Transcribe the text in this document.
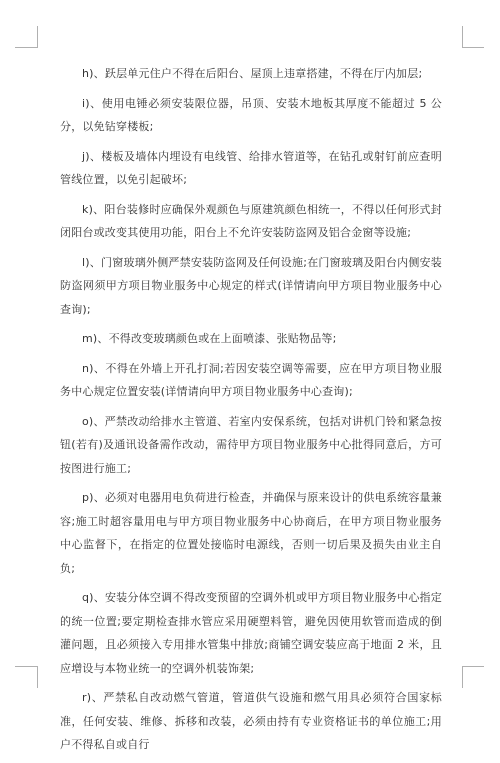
h)、跃层单元住户不得在后阳台、屋顶上违章搭建，不得在厅内加层;

i)、使用电锤必须安装限位器，吊顶、安装木地板其厚度不能超过 5 公分，以免钻穿楼板;

j)、楼板及墙体内埋设有电线管、给排水管道等，在钻孔或射钉前应查明管线位置，以免引起破坏;

k)、阳台装修时应确保外观颜色与原建筑颜色相统一，不得以任何形式封闭阳台或改变其使用功能，阳台上不允许安装防盗网及铝合金窗等设施;

l)、门窗玻璃外侧严禁安装防盗网及任何设施;在门窗玻璃及阳台内侧安装防盗网须甲方项目物业服务中心规定的样式(详情请向甲方项目物业服务中心查询);

m)、不得改变玻璃颜色或在上面喷漆、张贴物品等;

n)、不得在外墙上开孔打洞;若因安装空调等需要，应在甲方项目物业服务中心规定位置安装(详情请向甲方项目物业服务中心查询);

o)、严禁改动给排水主管道、若室内安保系统，包括对讲机门铃和紧急按钮(若有)及通讯设备需作改动，需待甲方项目物业服务中心批得同意后，方可按图进行施工;

p)、必须对电器用电负荷进行检查，并确保与原来设计的供电系统容量兼容;施工时超容量用电与甲方项目物业服务中心协商后，在甲方项目物业服务中心监督下，在指定的位置处接临时电源线，否则一切后果及损失由业主自负;

q)、安装分体空调不得改变预留的空调外机或甲方项目物业服务中心指定的统一位置;要定期检查排水管应采用硬塑料管，避免因使用软管而造成的倒灌问题，且必须接入专用排水管集中排放;商铺空调安装应高于地面 2 米，且应增设与本物业统一的空调外机装饰架;

r)、严禁私自改动燃气管道，管道供气设施和燃气用具必须符合国家标准，任何安装、维修、拆移和改装，必须由持有专业资格证书的单位施工;用户不得私自或自行
